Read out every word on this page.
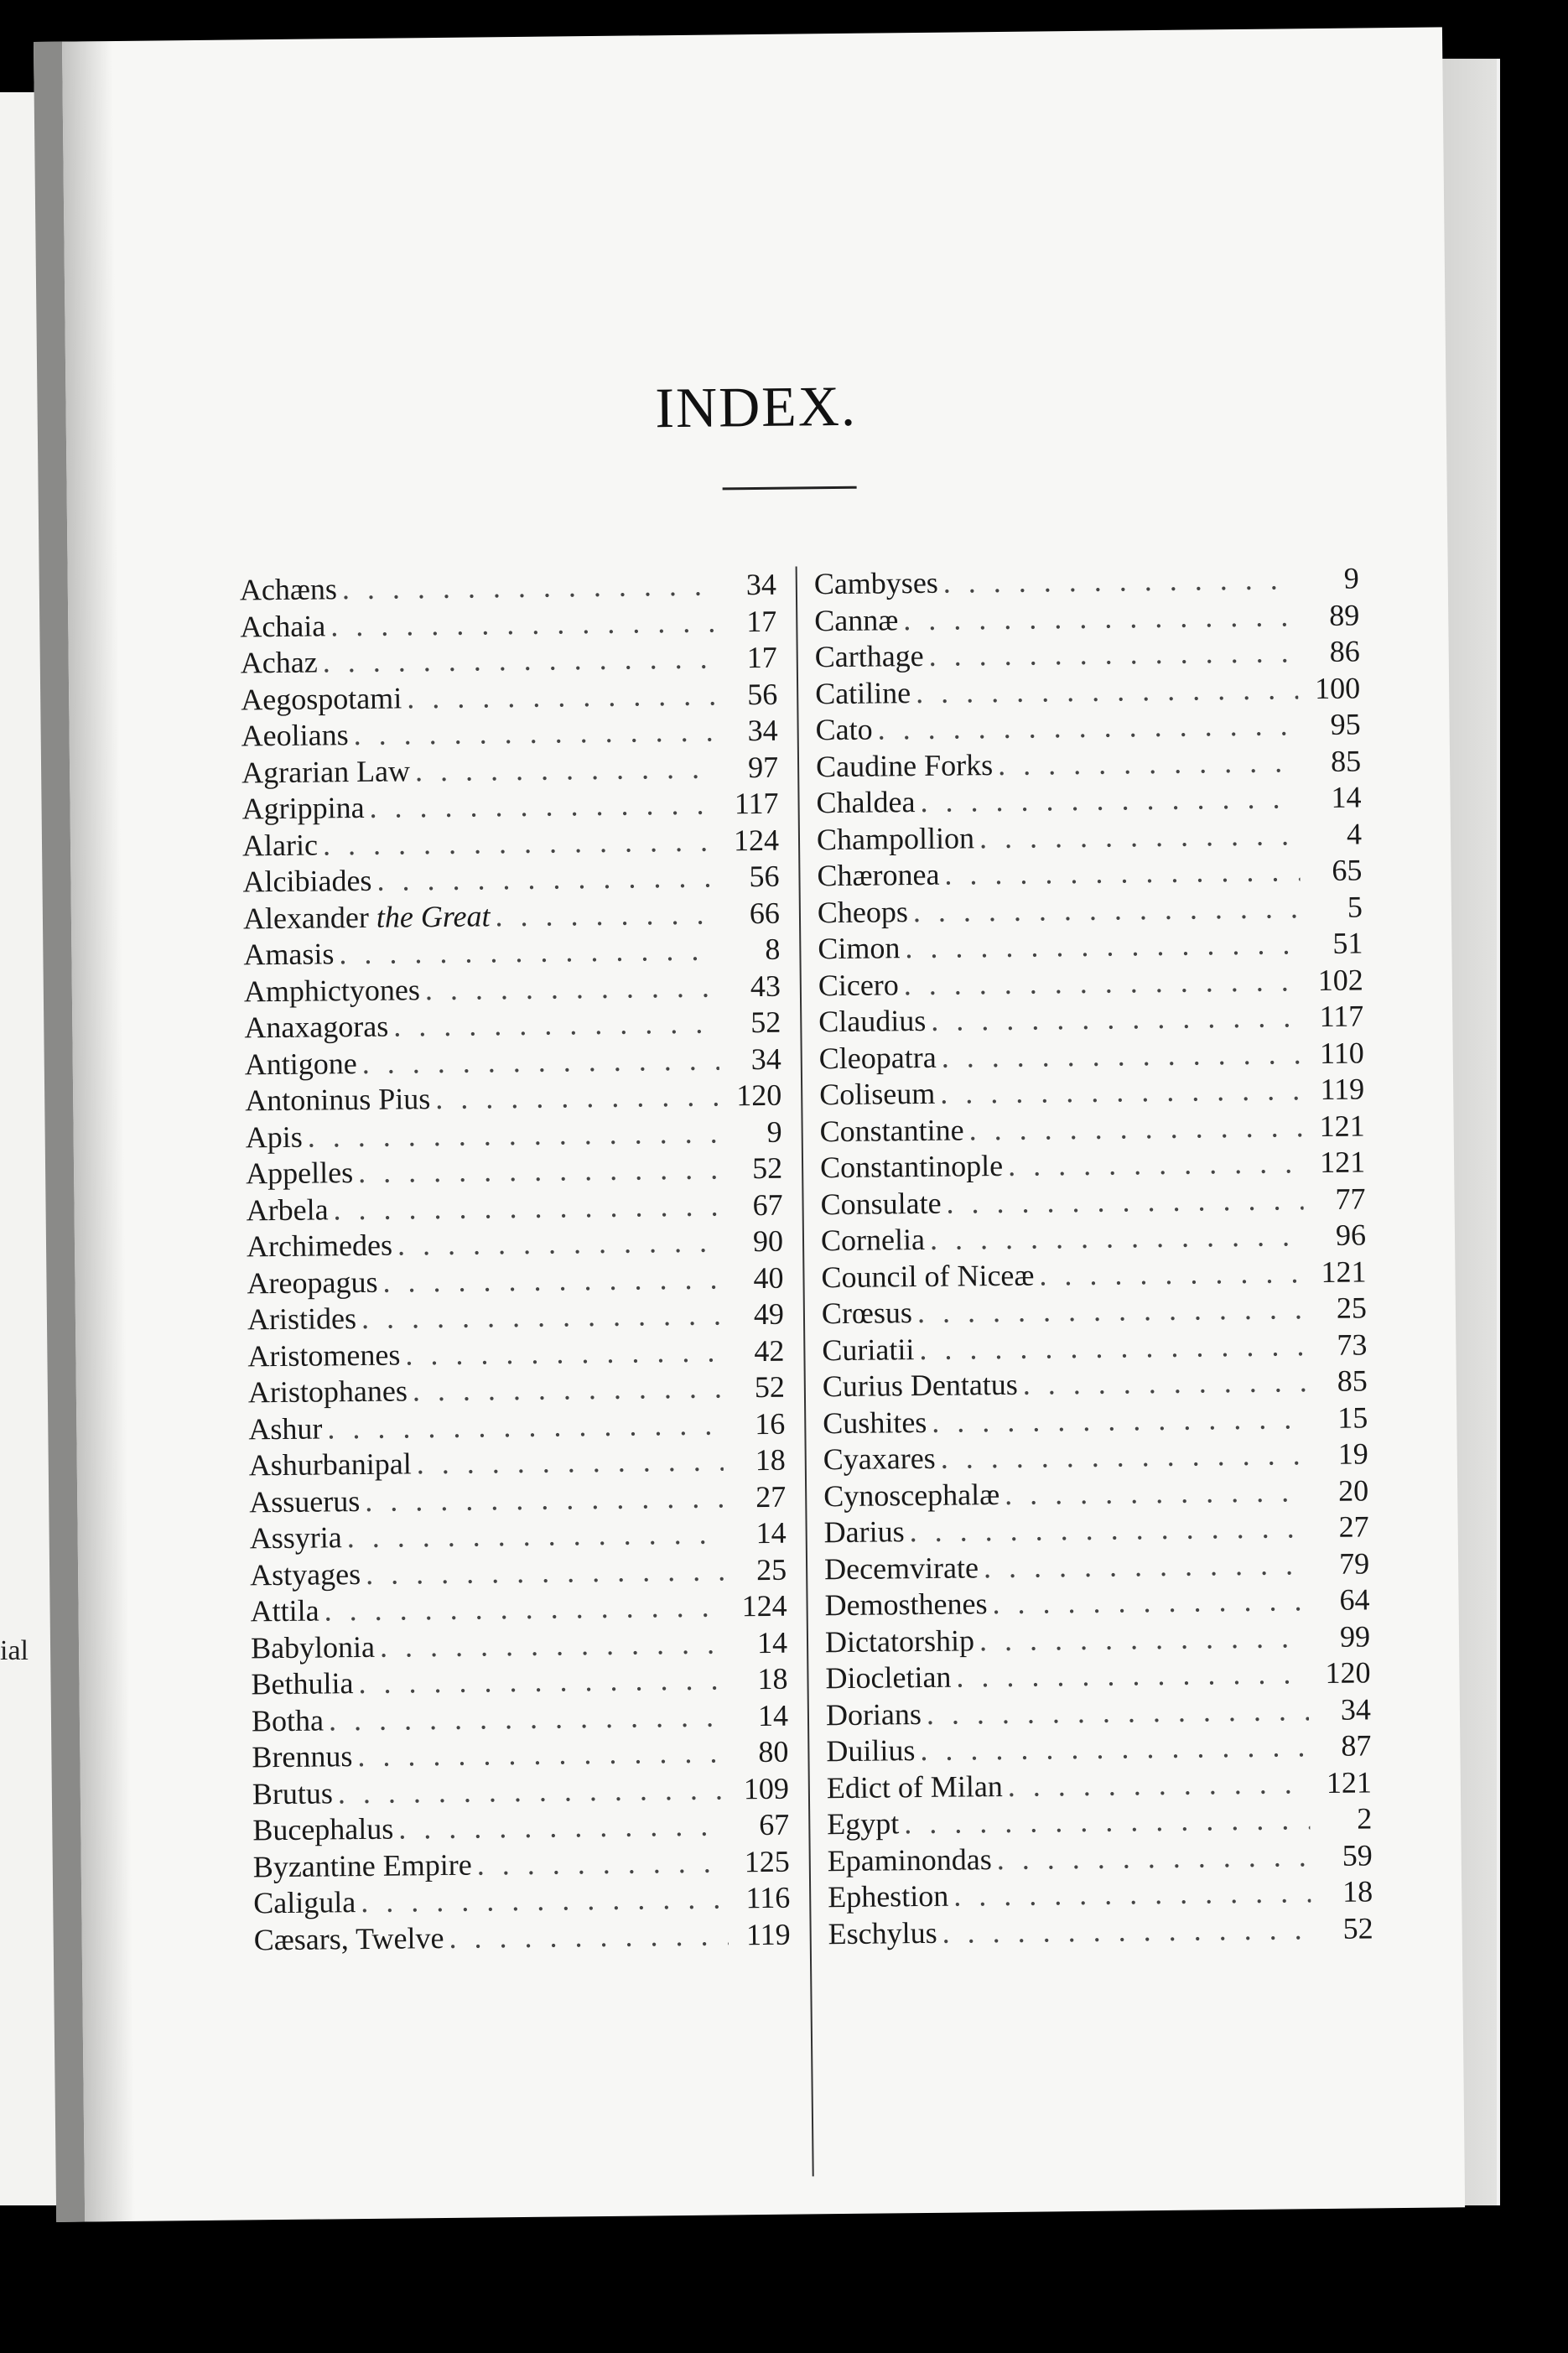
ial
INDEX.
Achæns . . .	34
Achaia . . .	17
Achaz . . .	17
Aegospotami . . .	56
Aeolians . . .	34
Agrarian Law . . .	97
Agrippina . . .	117
Alaric . . .	124
Alcibiades . . .	56
Alexander the Great . . .	66
Amasis . . .	8
Amphictyones . . .	43
Anaxagoras . . .	52
Antigone . . .	34
Antoninus Pius . . .	120
Apis . . .	9
Appelles . . .	52
Arbela . . .	67
Archimedes . . .	90
Areopagus . . .	40
Aristides . . .	49
Aristomenes . . .	42
Aristophanes . . .	52
Ashur . . .	16
Ashurbanipal . . .	18
Assuerus . . .	27
Assyria . . .	14
Astyages . . .	25
Attila . . .	124
Babylonia . . .	14
Bethulia . . .	18
Botha . . .	14
Brennus . . .	80
Brutus . . .	109
Bucephalus . . .	67
Byzantine Empire . . .	125
Caligula . . .	116
Cæsars, Twelve . . .	119
Cambyses . . .	9
Cannæ . . .	89
Carthage . . .	86
Catiline . . .	100
Cato . . .	95
Caudine Forks . . .	85
Chaldea . . .	14
Champollion . . .	4
Chæronea . . .	65
Cheops . . .	5
Cimon . . .	51
Cicero . . .	102
Claudius . . .	117
Cleopatra . . .	110
Coliseum . . .	119
Constantine . . .	121
Constantinople . . .	121
Consulate . . .	77
Cornelia . . .	96
Council of Niceæ . . .	121
Crœsus . . .	25
Curiatii . . .	73
Curius Dentatus . . .	85
Cushites . . .	15
Cyaxares . . .	19
Cynoscephalæ . . .	20
Darius . . .	27
Decemvirate . . .	79
Demosthenes . . .	64
Dictatorship . . .	99
Diocletian . . .	120
Dorians . . .	34
Duilius . . .	87
Edict of Milan . . .	121
Egypt . . .	2
Epaminondas . . .	59
Ephestion . . .	18
Eschylus . . .	52
